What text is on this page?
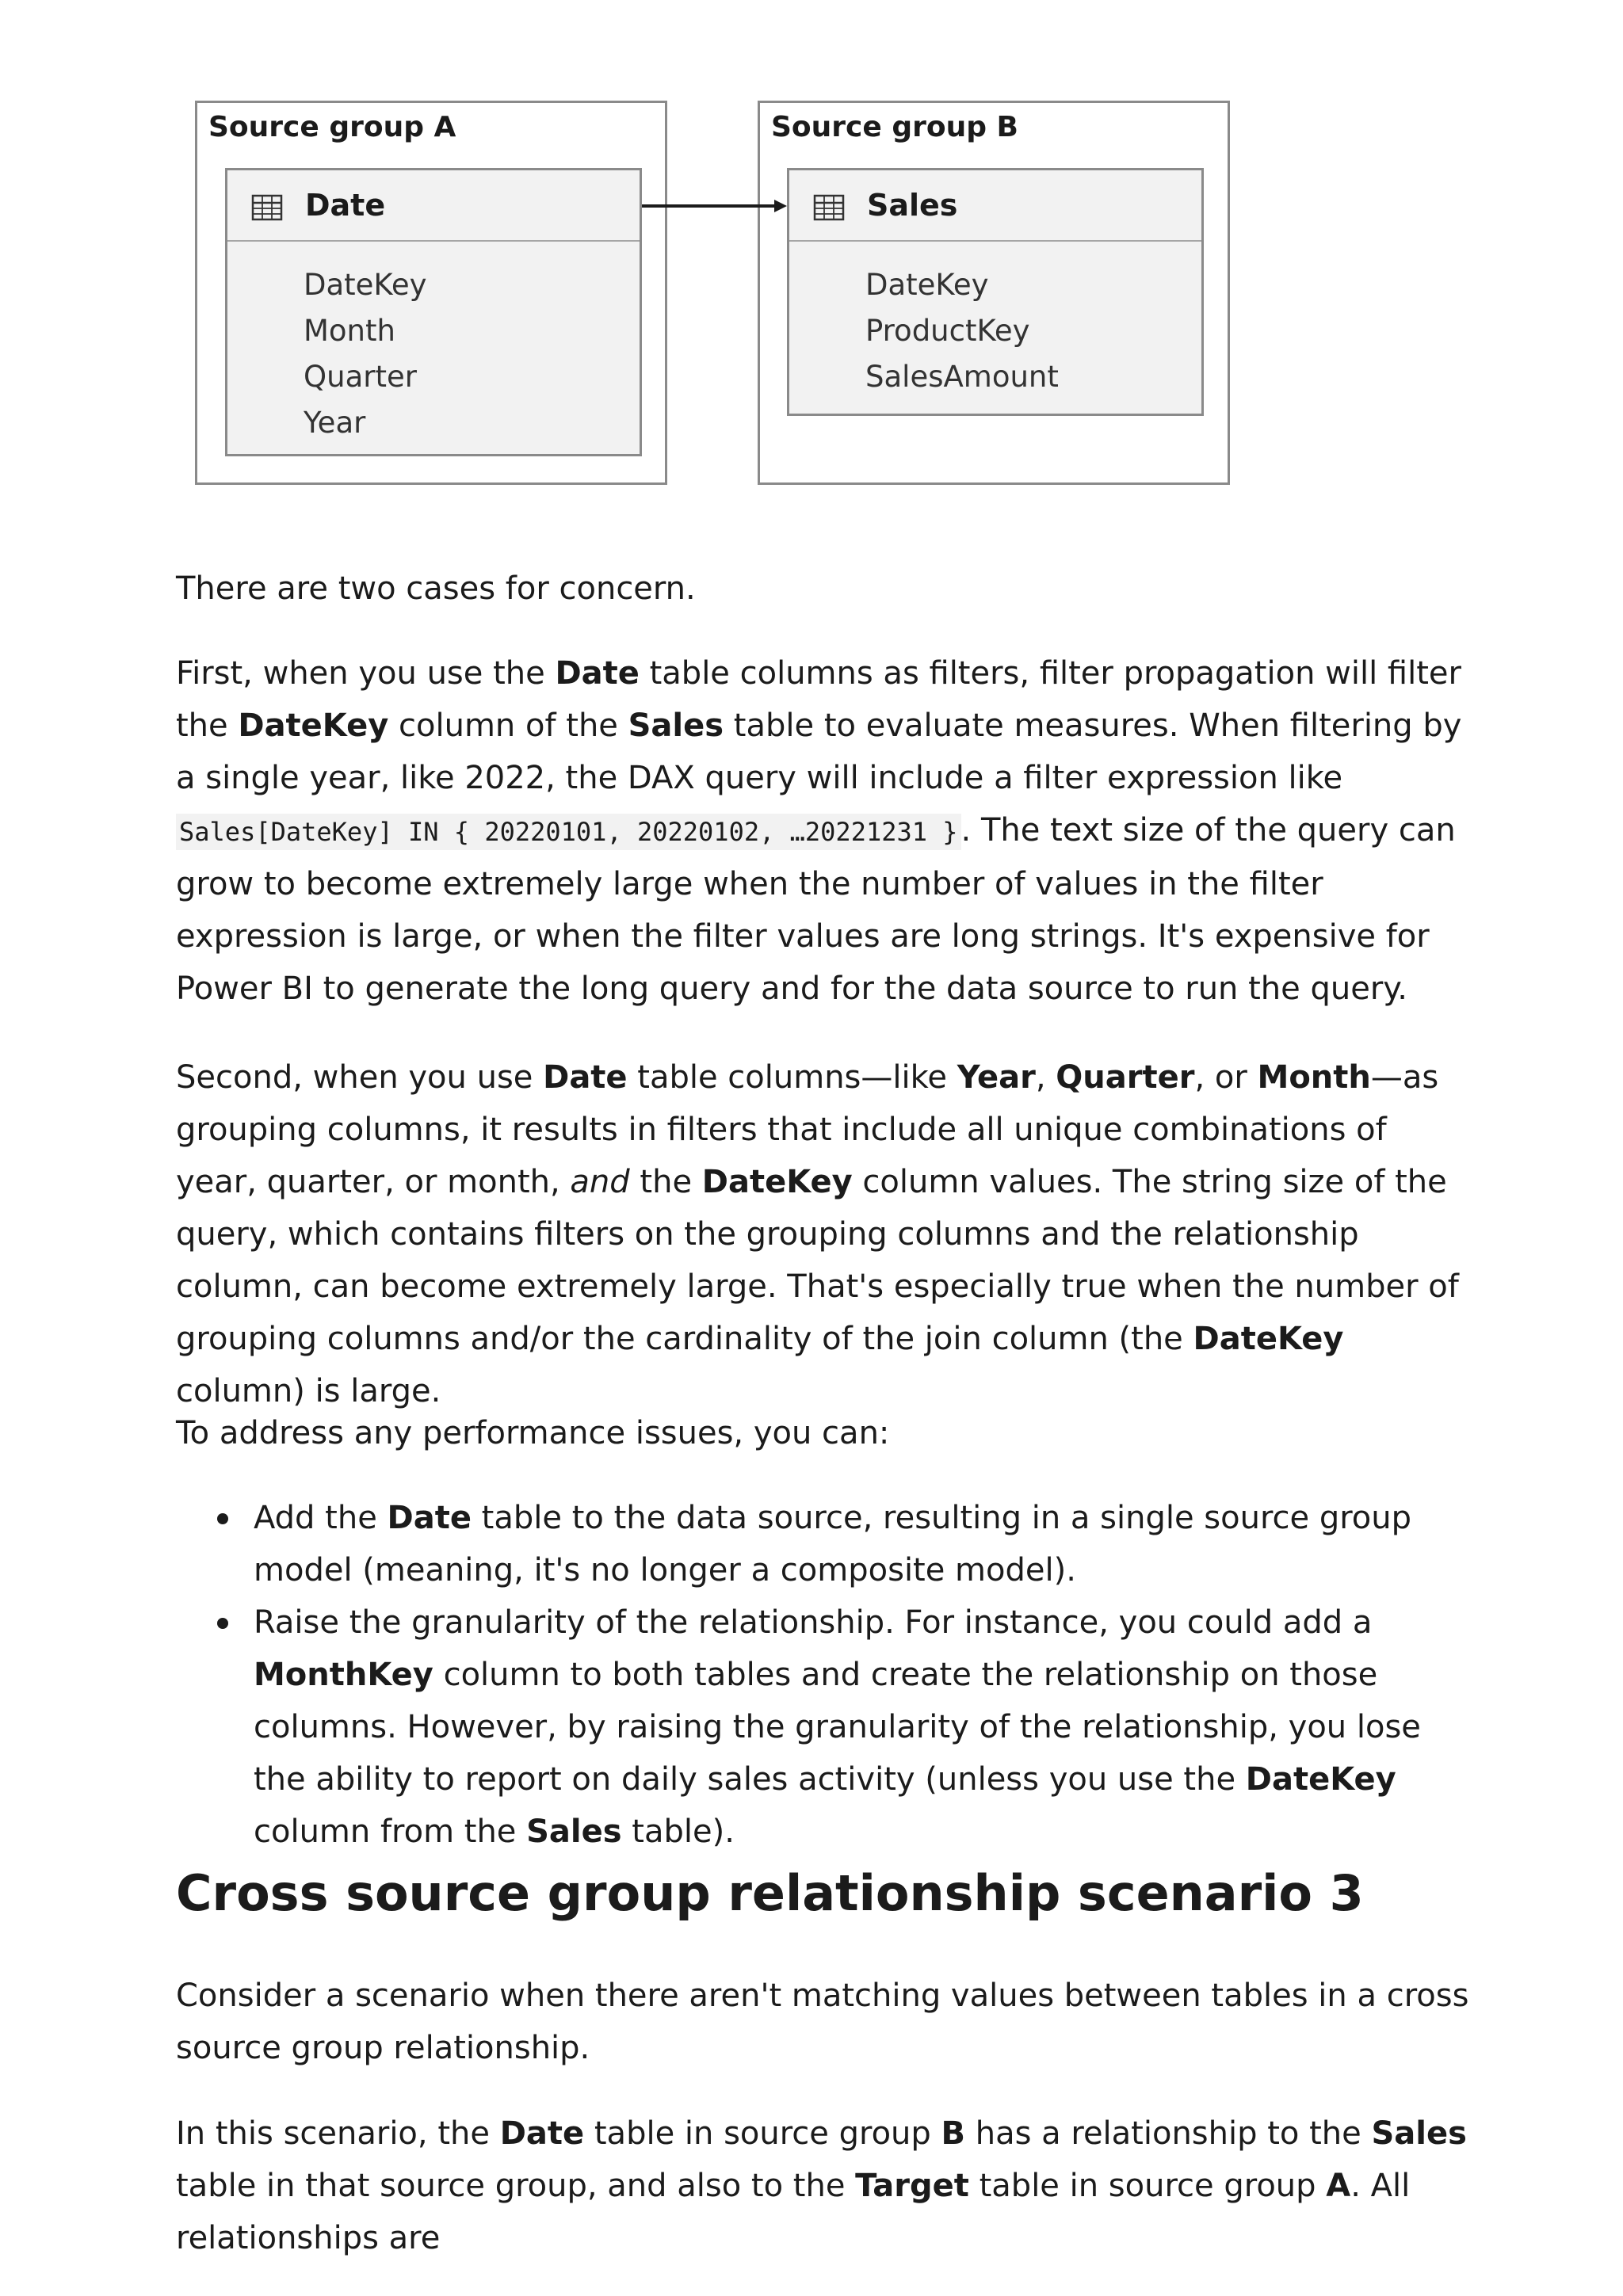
Source group A	Source group B
Date
DateKey
Month
Quarter
Year
Sales
DateKey
ProductKey
SalesAmount

There are two cases for concern.

First, when you use the Date table columns as filters, filter propagation will filter the DateKey column of the Sales table to evaluate measures. When filtering by a single year, like 2022, the DAX query will include a filter expression like Sales[DateKey] IN { 20220101, 20220102, …20221231 } . The text size of the query can grow to become extremely large when the number of values in the filter expression is large, or when the filter values are long strings. It's expensive for Power BI to generate the long query and for the data source to run the query.

Second, when you use Date table columns—like Year, Quarter, or Month—as grouping columns, it results in filters that include all unique combinations of year, quarter, or month, and the DateKey column values. The string size of the query, which contains filters on the grouping columns and the relationship column, can become extremely large. That's especially true when the number of grouping columns and/or the cardinality of the join column (the DateKey column) is large.

To address any performance issues, you can:

Add the Date table to the data source, resulting in a single source group model (meaning, it's no longer a composite model).
Raise the granularity of the relationship. For instance, you could add a MonthKey column to both tables and create the relationship on those columns. However, by raising the granularity of the relationship, you lose the ability to report on daily sales activity (unless you use the DateKey column from the Sales table).
Cross source group relationship scenario 3

Consider a scenario when there aren't matching values between tables in a cross source group relationship.

In this scenario, the Date table in source group B has a relationship to the Sales table in that source group, and also to the Target table in source group A. All relationships are
